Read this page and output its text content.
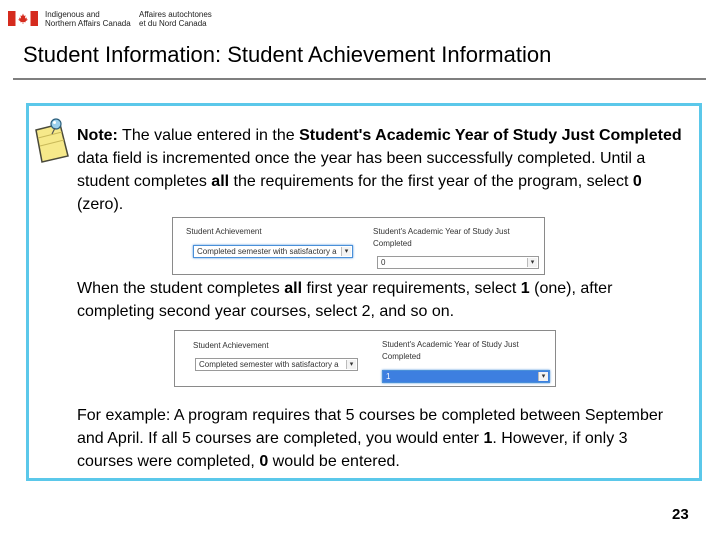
Indigenous and
Northern Affairs Canada
Affaires autochtones
et du Nord Canada
Student Information: Student Achievement Information
Note: The value entered in the Student's Academic Year of Study Just Completed data field is incremented once the year has been successfully completed. Until a student completes all the requirements for the first year of the program, select 0 (zero).
Student Achievement
Completed semester with satisfactory a	▾
Student's Academic Year of Study Just
Completed
0	▾
When the student completes all first year requirements, select 1 (one), after completing second year courses, select 2, and so on.
Student Achievement
Completed semester with satisfactory a	▾
Student's Academic Year of Study Just
Completed
1	▾
For example: A program requires that 5 courses be completed between September and April. If all 5 courses are completed, you would enter 1. However, if only 3 courses were completed, 0 would be entered.
23
